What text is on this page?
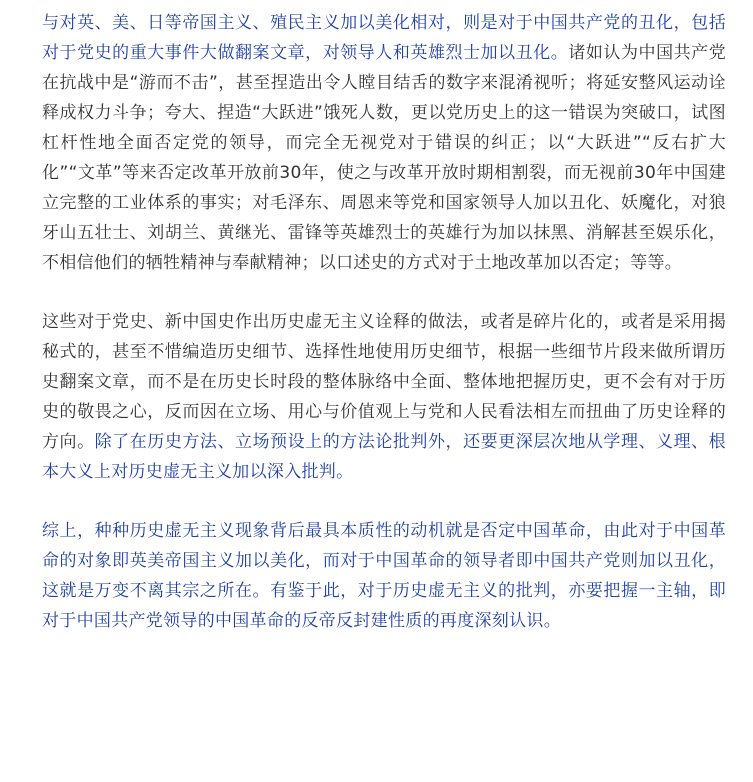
与对英、美、日等帝国主义、殖民主义加以美化相对，则是对于中国共产党的丑化，包括对于党史的重大事件大做翻案文章，对领导人和英雄烈士加以丑化。诸如认为中国共产党在抗战中是“游而不击”，甚至捏造出令人瞠目结舌的数字来混淆视听；将延安整风运动诠释成权力斗争；夸大、捏造“大跃进”饿死人数，更以党历史上的这一错误为突破口，试图杠杆性地全面否定党的领导，而完全无视党对于错误的纠正；以“大跃进”“反右扩大化”“文革”等来否定改革开放前30年，使之与改革开放时期相割裂，而无视前30年中国建立完整的工业体系的事实；对毛泽东、周恩来等党和国家领导人加以丑化、妖魔化，对狼牙山五壮士、刘胡兰、黄继光、雷锋等英雄烈士的英雄行为加以抹黑、消解甚至娱乐化，不相信他们的牺牲精神与奉献精神；以口述史的方式对于土地改革加以否定；等等。

这些对于党史、新中国史作出历史虚无主义诠释的做法，或者是碎片化的，或者是采用揭秘式的，甚至不惜编造历史细节、选择性地使用历史细节，根据一些细节片段来做所谓历史翻案文章，而不是在历史长时段的整体脉络中全面、整体地把握历史，更不会有对于历史的敬畏之心，反而因在立场、用心与价值观上与党和人民看法相左而扭曲了历史诠释的方向。除了在历史方法、立场预设上的方法论批判外，还要更深层次地从学理、义理、根本大义上对历史虚无主义加以深入批判。

综上，种种历史虚无主义现象背后最具本质性的动机就是否定中国革命，由此对于中国革命的对象即英美帝国主义加以美化，而对于中国革命的领导者即中国共产党则加以丑化，这就是万变不离其宗之所在。有鉴于此，对于历史虚无主义的批判，亦要把握一主轴，即对于中国共产党领导的中国革命的反帝反封建性质的再度深刻认识。
